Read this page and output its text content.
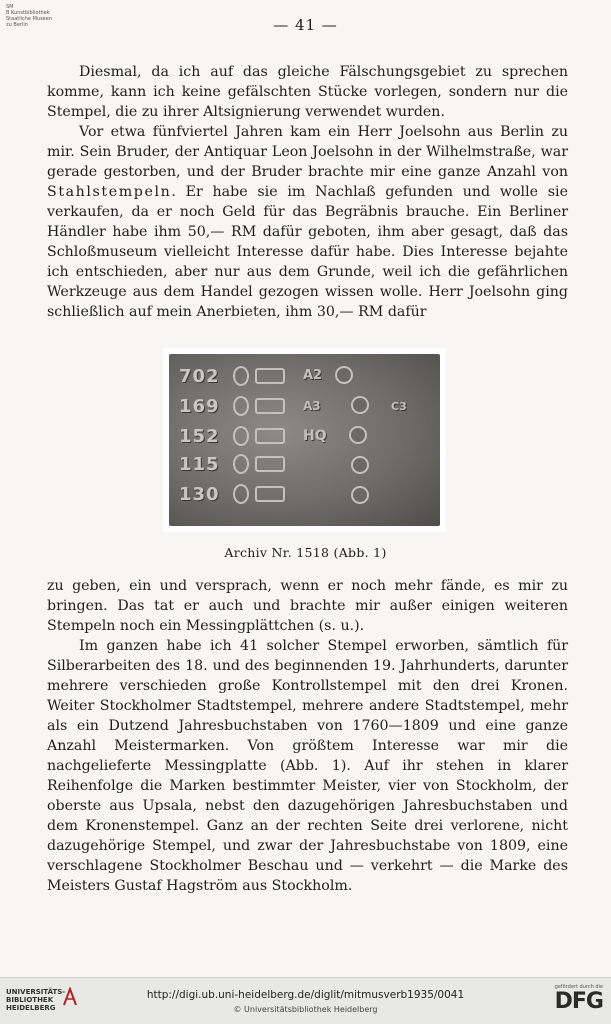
SM
B Kunstbibliothek
Staatliche Museen
zu Berlin	— 41 —

Diesmal, da ich auf das gleiche Fälschungsgebiet zu sprechen komme, kann ich keine gefälschten Stücke vorlegen, sondern nur die Stempel, die zu ihrer Altsignierung verwendet wurden.

Vor etwa fünfviertel Jahren kam ein Herr Joelsohn aus Berlin zu mir. Sein Bruder, der Antiquar Leon Joelsohn in der Wilhelmstraße, war gerade gestorben, und der Bruder brachte mir eine ganze Anzahl von Stahlstempeln. Er habe sie im Nachlaß gefunden und wolle sie verkaufen, da er noch Geld für das Begräbnis brauche. Ein Berliner Händler habe ihm 50,— RM dafür geboten, ihm aber gesagt, daß das Schloßmuseum vielleicht Interesse dafür habe. Dies Interesse bejahte ich entschieden, aber nur aus dem Grunde, weil ich die gefährlichen Werkzeuge aus dem Handel gezogen wissen wolle. Herr Joelsohn ging schließlich auf mein Anerbieten, ihm 30,— RM dafür

702
169
152
115
130
A2
A3
HQ
C3
Archiv Nr. 1518 (Abb. 1)

zu geben, ein und versprach, wenn er noch mehr fände, es mir zu bringen. Das tat er auch und brachte mir außer einigen weiteren Stempeln noch ein Messingplättchen (s. u.).

Im ganzen habe ich 41 solcher Stempel erworben, sämtlich für Silberarbeiten des 18. und des beginnenden 19. Jahrhunderts, darunter mehrere verschieden große Kontrollstempel mit den drei Kronen. Weiter Stockholmer Stadtstempel, mehrere andere Stadtstempel, mehr als ein Dutzend Jahresbuchstaben von 1760—1809 und eine ganze Anzahl Meistermarken. Von größtem Interesse war mir die nachgelieferte Messingplatte (Abb. 1). Auf ihr stehen in klarer Reihenfolge die Marken bestimmter Meister, vier von Stockholm, der oberste aus Upsala, nebst den dazugehörigen Jahresbuchstaben und dem Kronenstempel. Ganz an der rechten Seite drei verlorene, nicht dazugehörige Stempel, und zwar der Jahresbuchstabe von 1809, eine verschlagene Stockholmer Beschau und — verkehrt — die Marke des Meisters Gustaf Hagström aus Stockholm.

UNIVERSITÄTS-
BIBLIOTHEK
HEIDELBERG
http://digi.ub.uni-heidelberg.de/diglit/mitmusverb1935/0041
© Universitätsbibliothek Heidelberg
gefördert durch die
DFG
